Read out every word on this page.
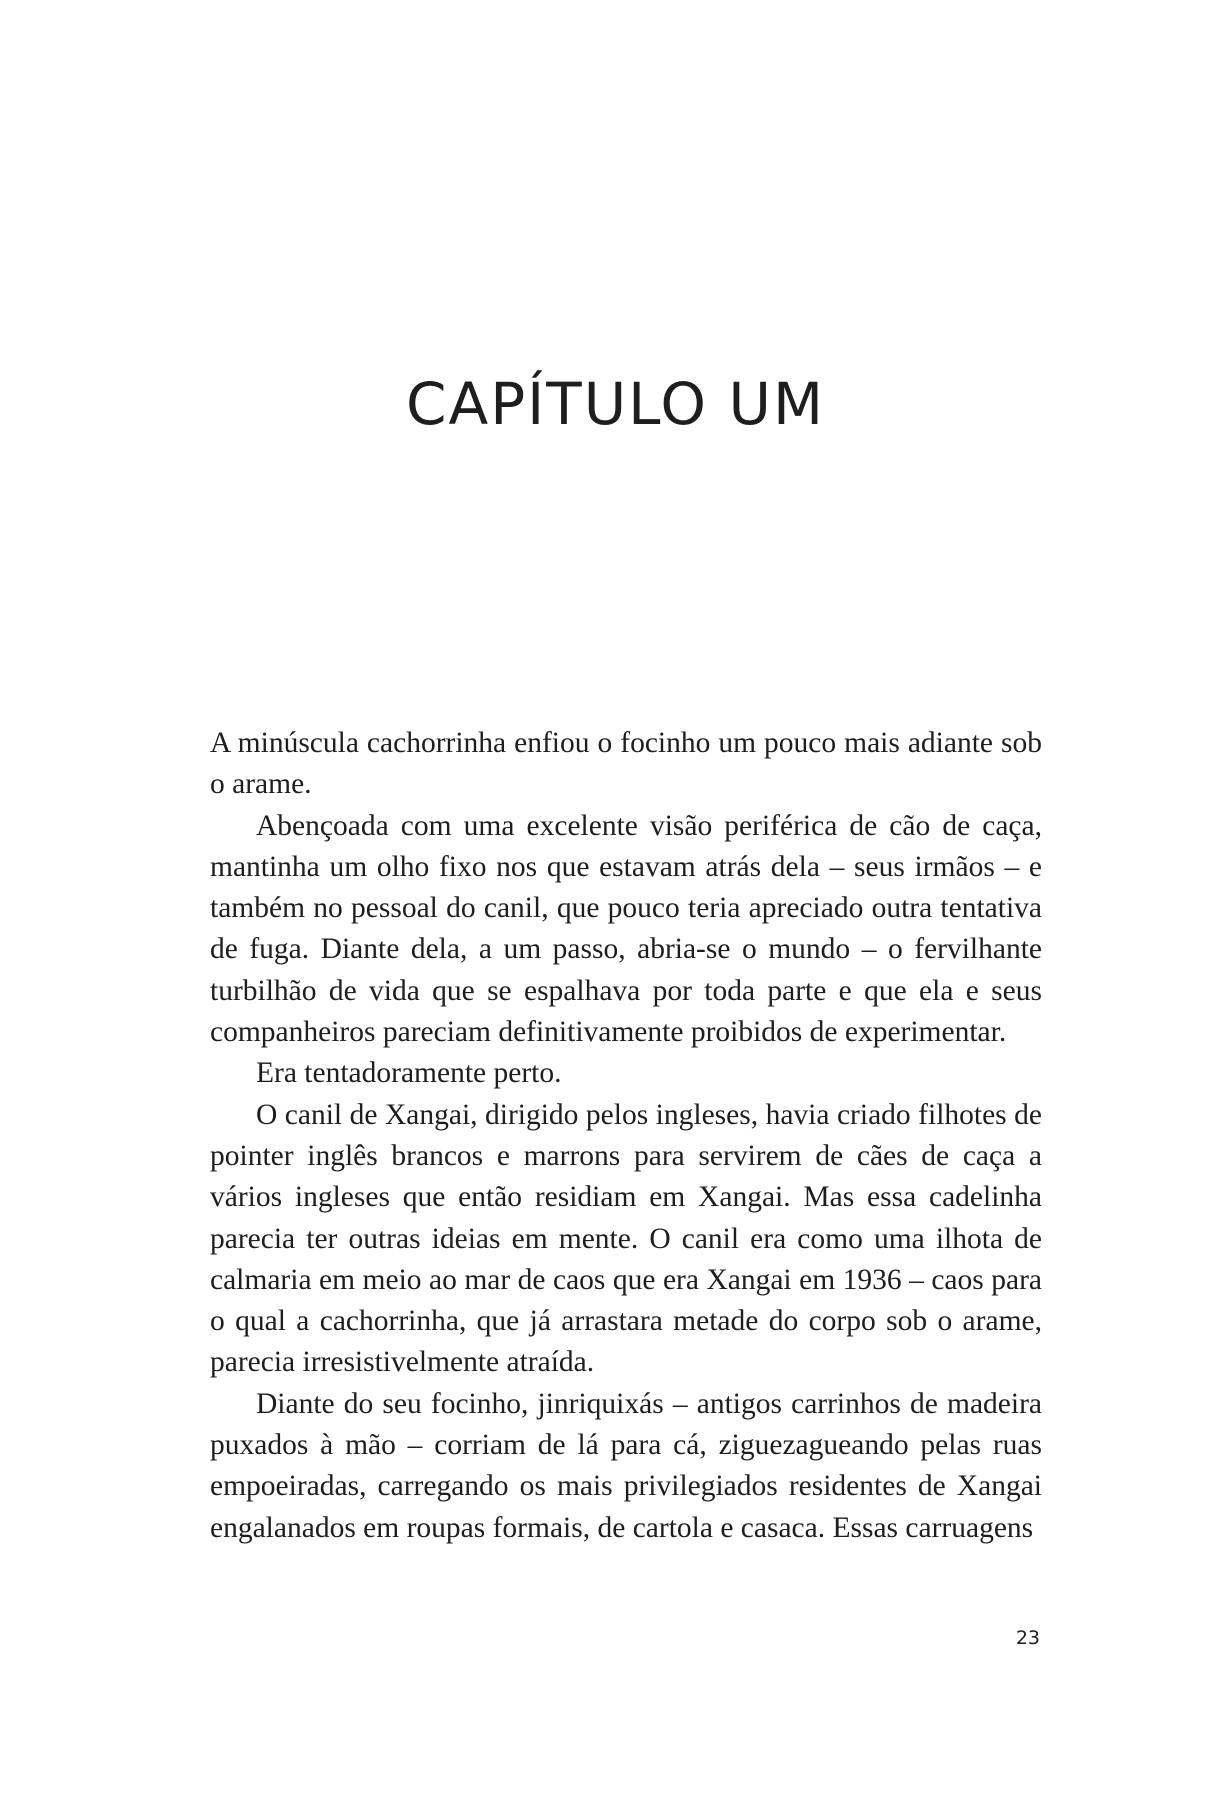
CAPÍTULO UM

A minúscula cachorrinha enfiou o focinho um pouco mais adiante sob o arame.

Abençoada com uma excelente visão periférica de cão de caça, mantinha um olho fixo nos que estavam atrás dela – seus irmãos – e também no pessoal do canil, que pouco teria apreciado outra tentativa de fuga. Diante dela, a um passo, abria-se o mundo – o fervilhante turbilhão de vida que se espalhava por toda parte e que ela e seus companheiros pareciam definitivamente proibidos de experimentar.

Era tentadoramente perto.

O canil de Xangai, dirigido pelos ingleses, havia criado filhotes de pointer inglês brancos e marrons para servirem de cães de caça a vários ingleses que então residiam em Xangai. Mas essa cadelinha parecia ter outras ideias em mente. O canil era como uma ilhota de calmaria em meio ao mar de caos que era Xangai em 1936 – caos para o qual a cachorrinha, que já arrastara metade do corpo sob o arame, parecia irresistivelmente atraída.

Diante do seu focinho, jinriquixás – antigos carrinhos de madeira puxados à mão – corriam de lá para cá, ziguezagueando pelas ruas empoeiradas, carregando os mais privilegiados residentes de Xangai engalanados em roupas formais, de cartola e casaca. Essas carruagens

23
